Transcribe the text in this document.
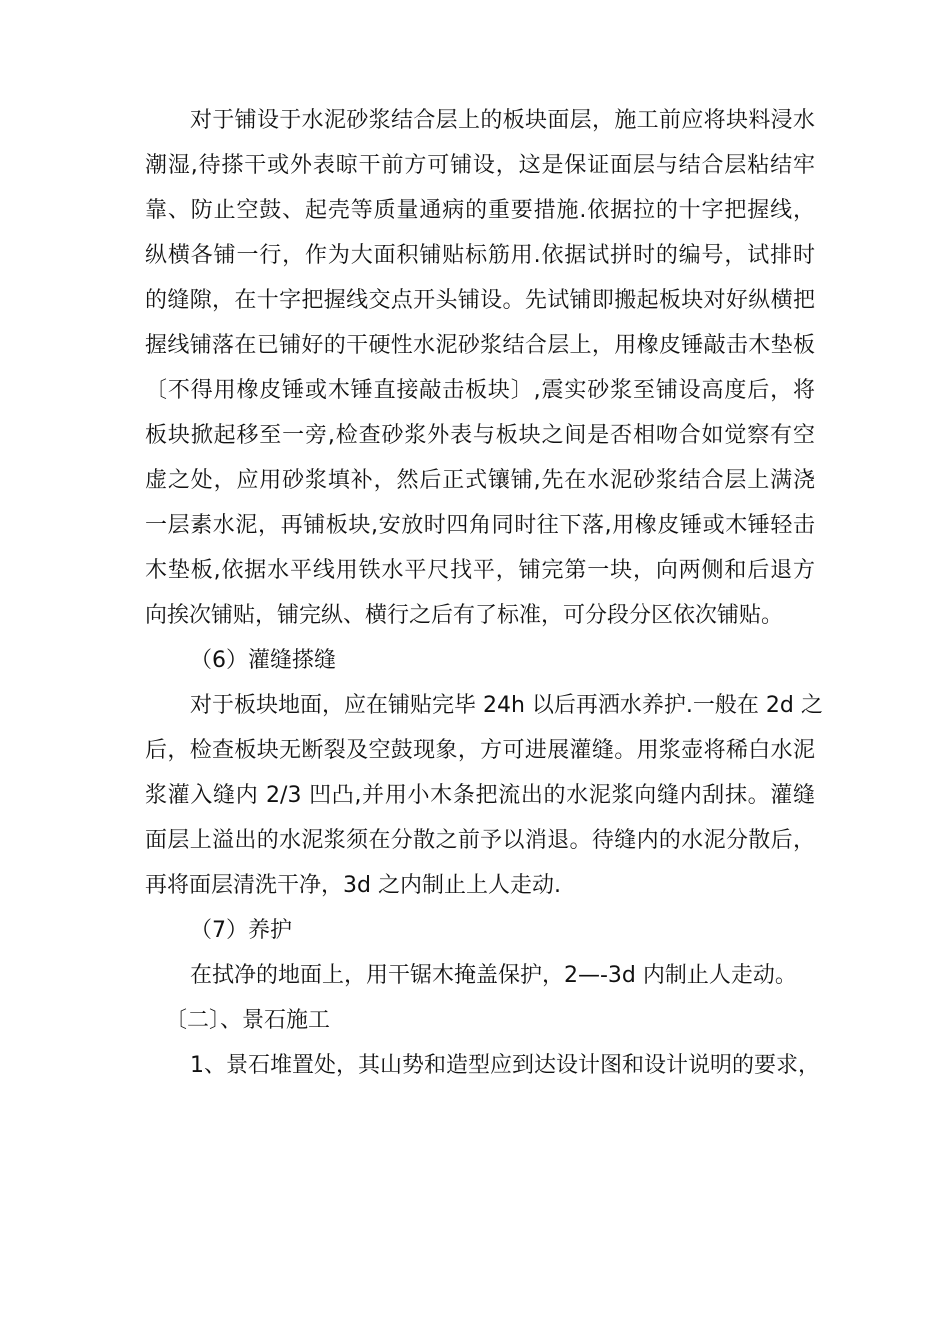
对于铺设于水泥砂浆结合层上的板块面层，施工前应将块料浸水

潮湿,待搽干或外表晾干前方可铺设，这是保证面层与结合层粘结牢

靠、防止空鼓、起壳等质量通病的重要措施.依据拉的十字把握线，

纵横各铺一行，作为大面积铺贴标筋用.依据试拼时的编号，试排时

的缝隙，在十字把握线交点开头铺设。先试铺即搬起板块对好纵横把

握线铺落在已铺好的干硬性水泥砂浆结合层上，用橡皮锤敲击木垫板

〔不得用橡皮锤或木锤直接敲击板块〕,震实砂浆至铺设高度后，将

板块掀起移至一旁,检查砂浆外表与板块之间是否相吻合如觉察有空

虚之处，应用砂浆填补，然后正式镶铺,先在水泥砂浆结合层上满浇

一层素水泥，再铺板块,安放时四角同时往下落,用橡皮锤或木锤轻击

木垫板,依据水平线用铁水平尺找平，铺完第一块，向两侧和后退方

向挨次铺贴，铺完纵、横行之后有了标准，可分段分区依次铺贴。

（6）灌缝搽缝

对于板块地面，应在铺贴完毕 24h 以后再洒水养护.一般在 2d 之

后，检查板块无断裂及空鼓现象，方可进展灌缝。用浆壶将稀白水泥

浆灌入缝内 2/3 凹凸,并用小木条把流出的水泥浆向缝内刮抹。灌缝

面层上溢出的水泥浆须在分散之前予以消退。待缝内的水泥分散后，

再将面层清洗干净，3d 之内制止上人走动.

（7）养护

在拭净的地面上，用干锯木掩盖保护，2—-3d 内制止人走动。

〔二〕、景石施工

1、景石堆置处，其山势和造型应到达设计图和设计说明的要求，
